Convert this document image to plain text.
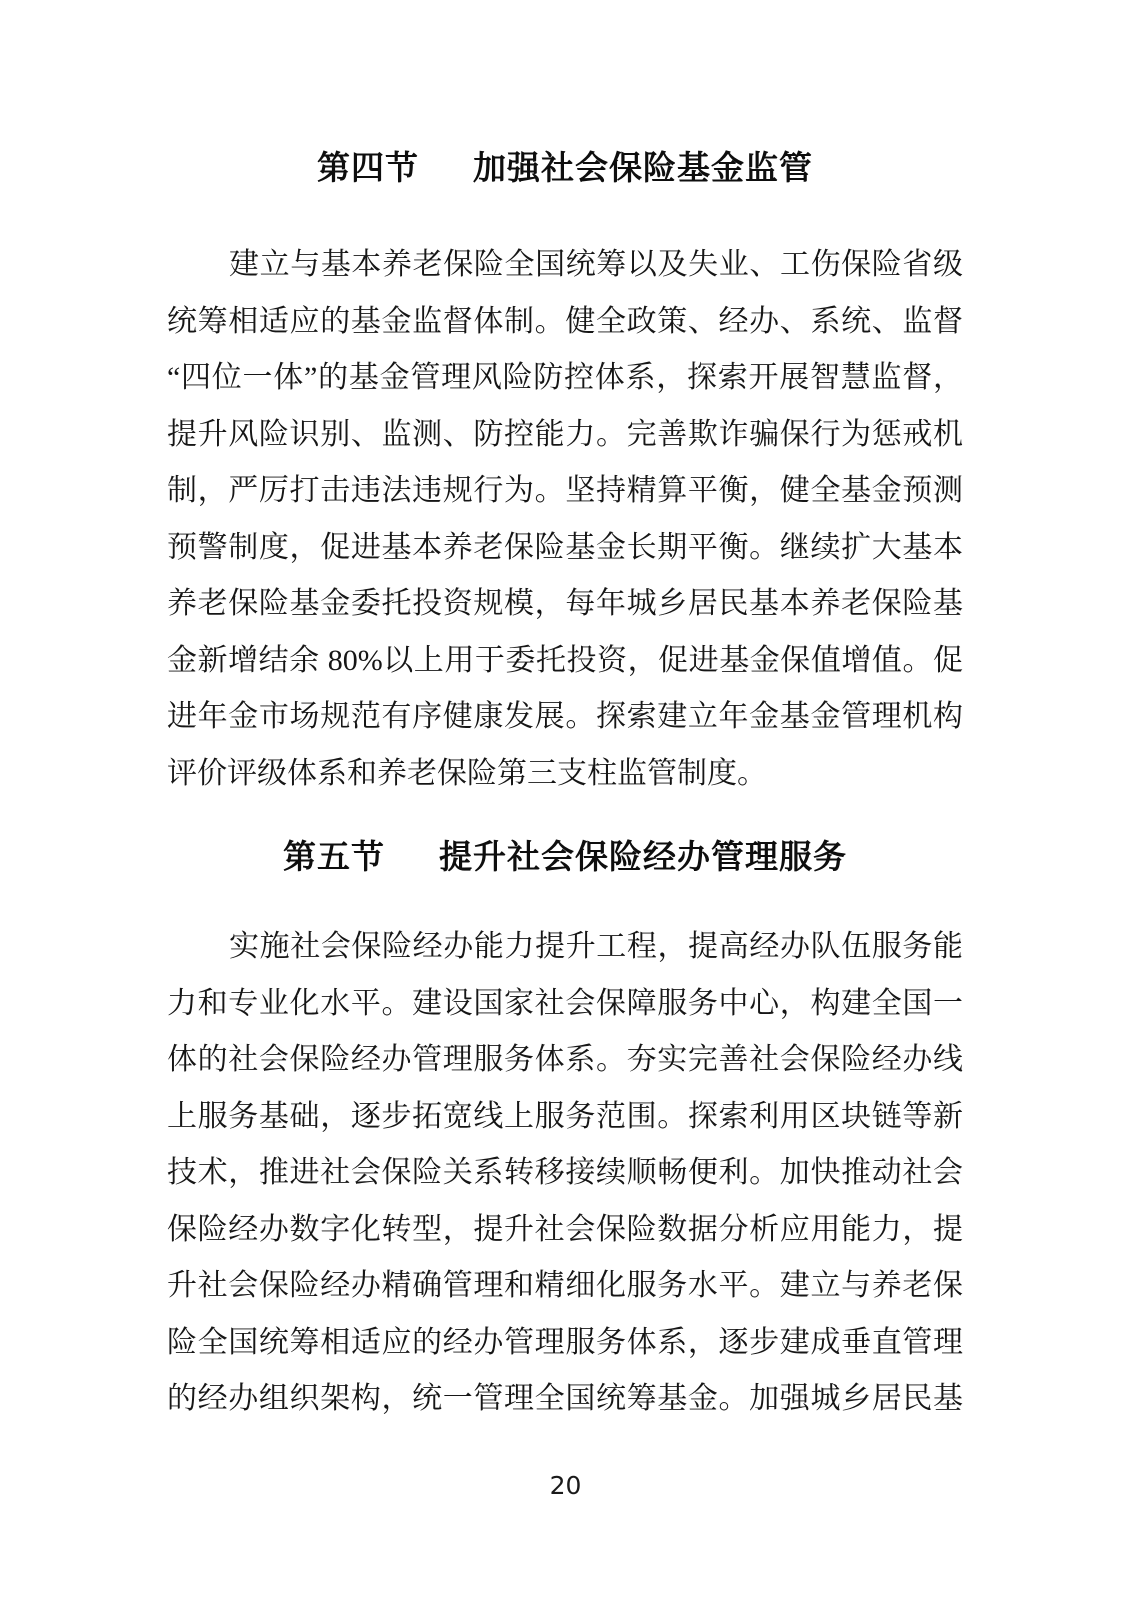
第四节 加强社会保险基金监管
建立与基本养老保险全国统筹以及失业、工伤保险省级
统筹相适应的基金监督体制。健全政策、经办、系统、监督
“四位一体”的基金管理风险防控体系，探索开展智慧监督，
提升风险识别、监测、防控能力。完善欺诈骗保行为惩戒机
制，严厉打击违法违规行为。坚持精算平衡，健全基金预测
预警制度，促进基本养老保险基金长期平衡。继续扩大基本
养老保险基金委托投资规模，每年城乡居民基本养老保险基
金新增结余 80%以上用于委托投资，促进基金保值增值。促
进年金市场规范有序健康发展。探索建立年金基金管理机构
评价评级体系和养老保险第三支柱监管制度。
第五节 提升社会保险经办管理服务
实施社会保险经办能力提升工程，提高经办队伍服务能
力和专业化水平。建设国家社会保障服务中心，构建全国一
体的社会保险经办管理服务体系。夯实完善社会保险经办线
上服务基础，逐步拓宽线上服务范围。探索利用区块链等新
技术，推进社会保险关系转移接续顺畅便利。加快推动社会
保险经办数字化转型，提升社会保险数据分析应用能力，提
升社会保险经办精确管理和精细化服务水平。建立与养老保
险全国统筹相适应的经办管理服务体系，逐步建成垂直管理
的经办组织架构，统一管理全国统筹基金。加强城乡居民基
20
